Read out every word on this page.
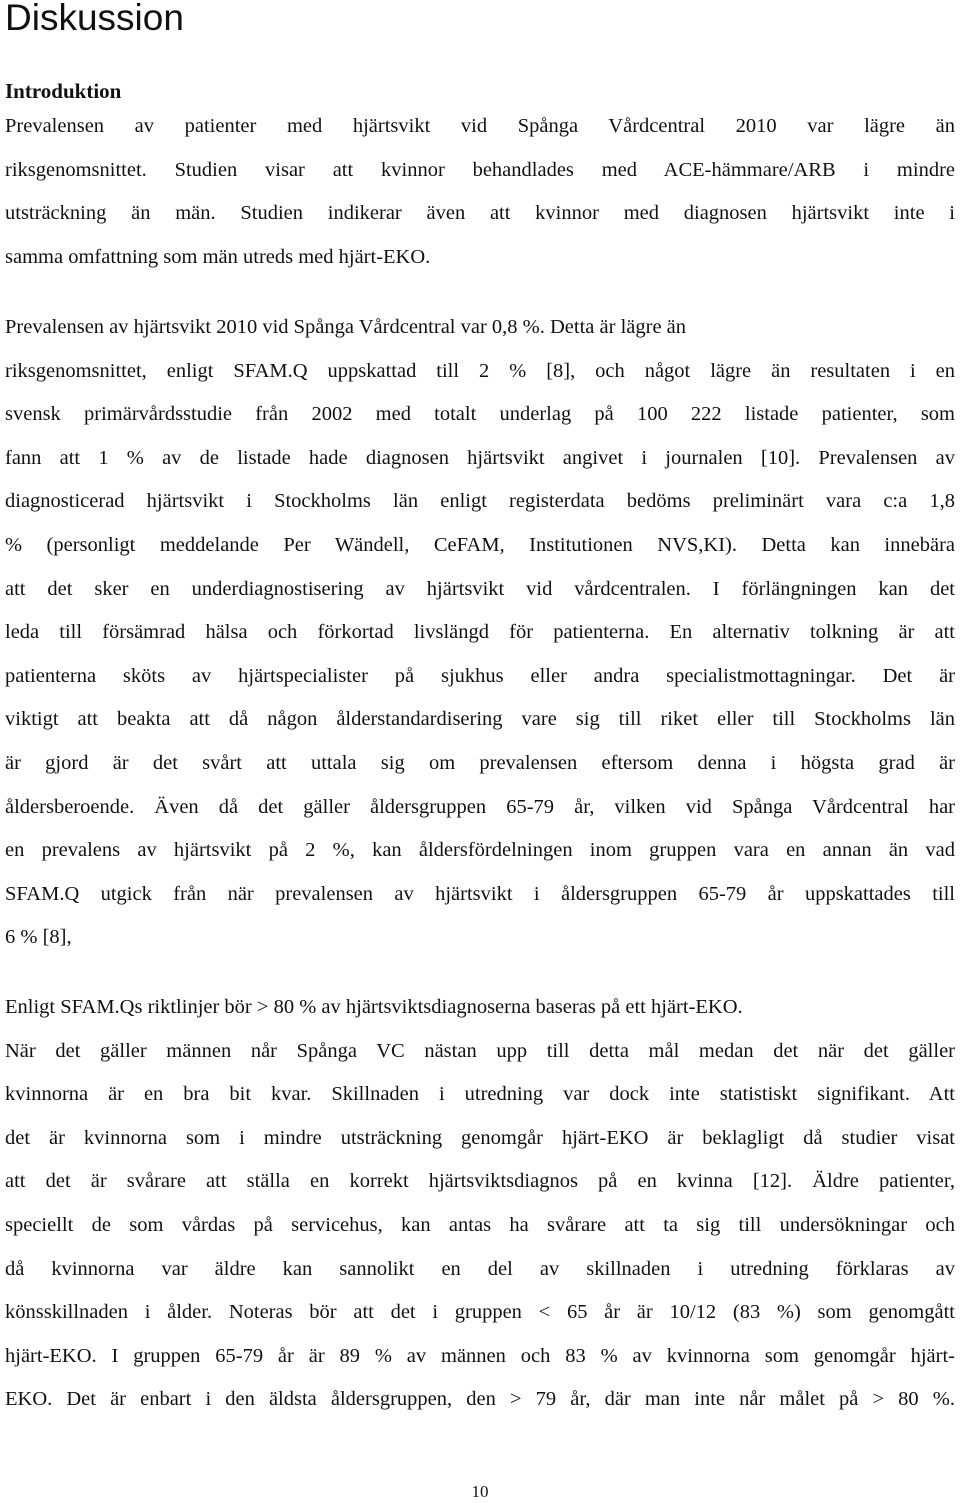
Diskussion
Introduktion
Prevalensen av patienter med hjärtsvikt vid Spånga Vårdcentral 2010 var lägre än
riksgenomsnittet. Studien visar att kvinnor behandlades med ACE-hämmare/ARB i mindre
utsträckning än män. Studien indikerar även att kvinnor med diagnosen hjärtsvikt inte i
samma omfattning som män utreds med hjärt-EKO.
Prevalensen av hjärtsvikt 2010 vid Spånga Vårdcentral var 0,8 %. Detta är lägre än
riksgenomsnittet, enligt SFAM.Q uppskattad till 2 % [8], och något lägre än resultaten i en
svensk primärvårdsstudie från 2002 med totalt underlag på 100 222 listade patienter, som
fann att 1 % av de listade hade diagnosen hjärtsvikt angivet i journalen [10]. Prevalensen av
diagnosticerad hjärtsvikt i Stockholms län enligt registerdata bedöms preliminärt vara c:a 1,8
% (personligt meddelande Per Wändell, CeFAM, Institutionen NVS,KI). Detta kan innebära
att det sker en underdiagnostisering av hjärtsvikt vid vårdcentralen. I förlängningen kan det
leda till försämrad hälsa och förkortad livslängd för patienterna. En alternativ tolkning är att
patienterna sköts av hjärtspecialister på sjukhus eller andra specialistmottagningar. Det är
viktigt att beakta att då någon ålderstandardisering vare sig till riket eller till Stockholms län
är gjord är det svårt att uttala sig om prevalensen eftersom denna i högsta grad är
åldersberoende. Även då det gäller åldersgruppen 65-79 år, vilken vid Spånga Vårdcentral har
en prevalens av hjärtsvikt på 2 %, kan åldersfördelningen inom gruppen vara en annan än vad
SFAM.Q utgick från när prevalensen av hjärtsvikt i åldersgruppen 65-79 år uppskattades till
6 % [8],
Enligt SFAM.Qs riktlinjer bör > 80 % av hjärtsviktsdiagnoserna baseras på ett hjärt-EKO.
När det gäller männen når Spånga VC nästan upp till detta mål medan det när det gäller
kvinnorna är en bra bit kvar. Skillnaden i utredning var dock inte statistiskt signifikant. Att
det är kvinnorna som i mindre utsträckning genomgår hjärt-EKO är beklagligt då studier visat
att det är svårare att ställa en korrekt hjärtsviktsdiagnos på en kvinna [12]. Äldre patienter,
speciellt de som vårdas på servicehus, kan antas ha svårare att ta sig till undersökningar och
då kvinnorna var äldre kan sannolikt en del av skillnaden i utredning förklaras av
könsskillnaden i ålder. Noteras bör att det i gruppen < 65 år är 10/12 (83 %) som genomgått
hjärt-EKO. I gruppen 65-79 år är 89 % av männen och 83 % av kvinnorna som genomgår hjärt-
EKO. Det är enbart i den äldsta åldersgruppen, den > 79 år, där man inte når målet på > 80 %.
10
